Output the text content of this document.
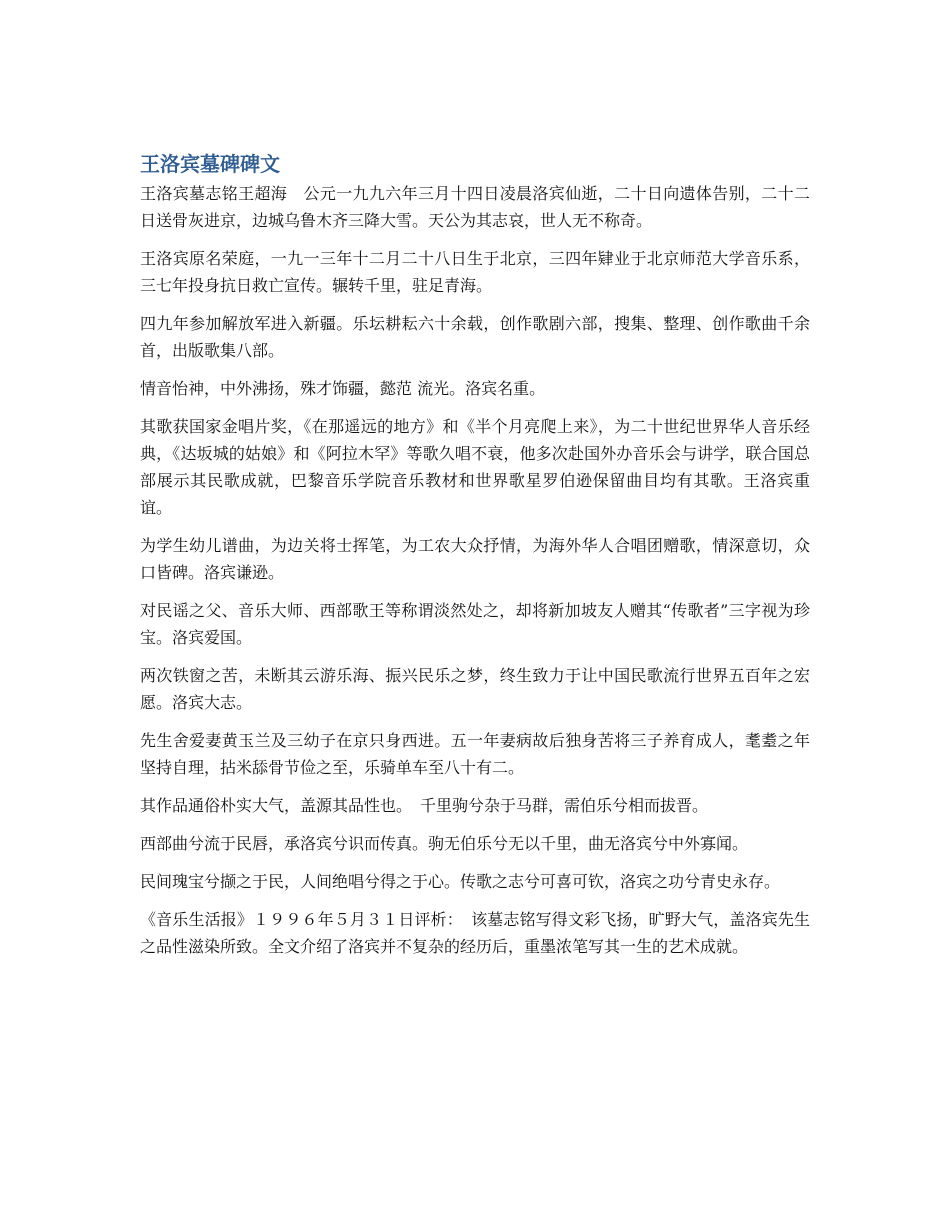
王洛宾墓碑碑文

王洛宾墓志铭王超海　公元一九九六年三月十四日凌晨洛宾仙逝，二十日向遗体告别，二十二日送骨灰进京，边城乌鲁木齐三降大雪。天公为其志哀，世人无不称奇。

王洛宾原名荣庭，一九一三年十二月二十八日生于北京，三四年肄业于北京师范大学音乐系，三七年投身抗日救亡宣传。辗转千里，驻足青海。

四九年参加解放军进入新疆。乐坛耕耘六十余载，创作歌剧六部，搜集、整理、创作歌曲千余首，出版歌集八部。

情音怡神，中外沸扬，殊才饰疆，懿范 流光。洛宾名重。

其歌获国家金唱片奖，《在那遥远的地方》和《半个月亮爬上来》，为二十世纪世界华人音乐经典，《达坂城的姑娘》和《阿拉木罕》等歌久唱不衰，他多次赴国外办音乐会与讲学，联合国总部展示其民歌成就，巴黎音乐学院音乐教材和世界歌星罗伯逊保留曲目均有其歌。王洛宾重谊。

为学生幼儿谱曲，为边关将士挥笔，为工农大众抒情，为海外华人合唱团赠歌，情深意切，众口皆碑。洛宾谦逊。

对民谣之父、音乐大师、西部歌王等称谓淡然处之，却将新加坡友人赠其“传歌者”三字视为珍宝。洛宾爱国。

两次铁窗之苦，未断其云游乐海、振兴民乐之梦，终生致力于让中国民歌流行世界五百年之宏愿。洛宾大志。

先生舍爱妻黄玉兰及三幼子在京只身西进。五一年妻病故后独身苦将三子养育成人，耄耋之年坚持自理，拈米舔骨节俭之至，乐骑单车至八十有二。

其作品通俗朴实大气，盖源其品性也。　千里驹兮杂于马群，需伯乐兮相而拔晋。

西部曲兮流于民唇，承洛宾兮识而传真。驹无伯乐兮无以千里，曲无洛宾兮中外寡闻。

民间瑰宝兮撷之于民，人间绝唱兮得之于心。传歌之志兮可喜可钦，洛宾之功兮青史永存。

《音乐生活报》１９９６年５月３１日评析：　该墓志铭写得文彩飞扬，旷野大气，盖洛宾先生之品性滋染所致。全文介绍了洛宾并不复杂的经历后，重墨浓笔写其一生的艺术成就。
